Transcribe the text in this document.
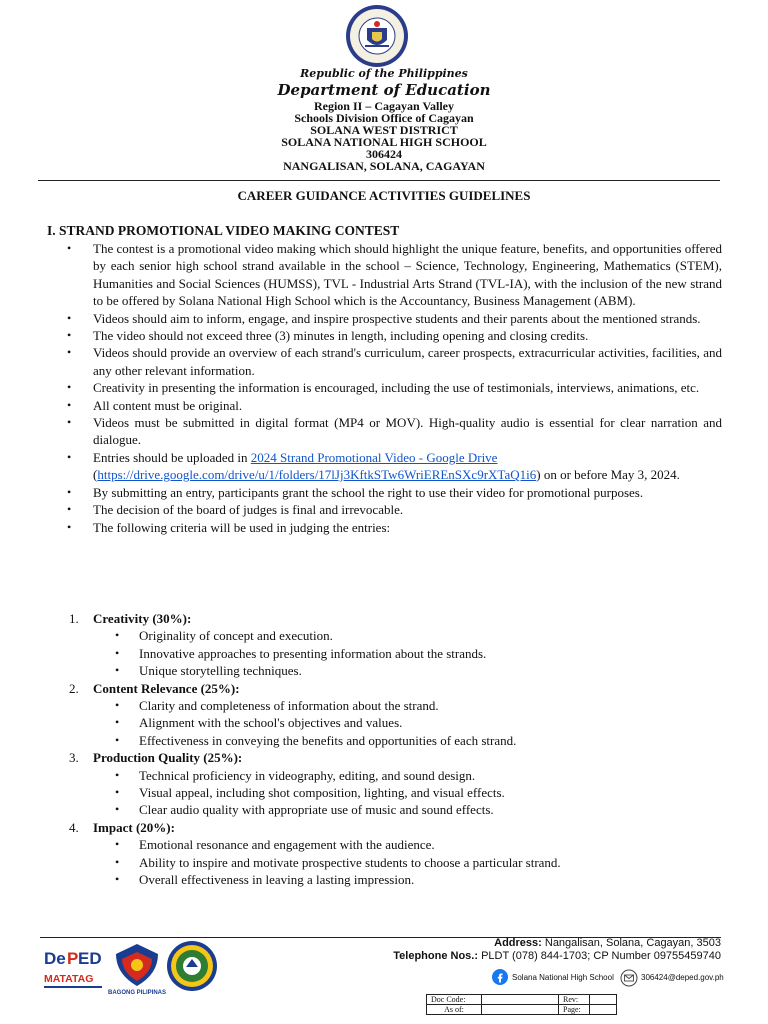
Republic of the Philippines
Department of Education
Region II – Cagayan Valley
Schools Division Office of Cagayan
SOLANA WEST DISTRICT
SOLANA NATIONAL HIGH SCHOOL
306424
NANGALISAN, SOLANA, CAGAYAN
CAREER GUIDANCE ACTIVITIES GUIDELINES
I. STRAND PROMOTIONAL VIDEO MAKING CONTEST
• The contest is a promotional video making which should highlight the unique feature, benefits, and opportunities offered by each senior high school strand available in the school – Science, Technology, Engineering, Mathematics (STEM), Humanities and Social Sciences (HUMSS), TVL - Industrial Arts Strand (TVL-IA), with the inclusion of the new strand to be offered by Solana National High School which is the Accountancy, Business Management (ABM).
• Videos should aim to inform, engage, and inspire prospective students and their parents about the mentioned strands.
• The video should not exceed three (3) minutes in length, including opening and closing credits.
• Videos should provide an overview of each strand's curriculum, career prospects, extracurricular activities, facilities, and any other relevant information.
• Creativity in presenting the information is encouraged, including the use of testimonials, interviews, animations, etc.
• All content must be original.
• Videos must be submitted in digital format (MP4 or MOV). High-quality audio is essential for clear narration and dialogue.
• Entries should be uploaded in 2024 Strand Promotional Video - Google Drive
(https://drive.google.com/drive/u/1/folders/17lJj3KftkSTw6WriEREnSXc9rXTaQ1i6) on or before May 3, 2024.
• By submitting an entry, participants grant the school the right to use their video for promotional purposes.
• The decision of the board of judges is final and irrevocable.
• The following criteria will be used in judging the entries:
1. Creativity (30%):
• Originality of concept and execution.
• Innovative approaches to presenting information about the strands.
• Unique storytelling techniques.
2. Content Relevance (25%):
• Clarity and completeness of information about the strand.
• Alignment with the school's objectives and values.
• Effectiveness in conveying the benefits and opportunities of each strand.
3. Production Quality (25%):
• Technical proficiency in videography, editing, and sound design.
• Visual appeal, including shot composition, lighting, and visual effects.
• Clear audio quality with appropriate use of music and sound effects.
4. Impact (20%):
• Emotional resonance and engagement with the audience.
• Ability to inspire and motivate prospective students to choose a particular strand.
• Overall effectiveness in leaving a lasting impression.
De P ED
MATATAG
BAGONG PILIPINAS
Address: Nangalisan, Solana, Cagayan, 3503
Telephone Nos.: PLDT (078) 844-1703; CP Number 09755459740
Solana National High School	306424@deped.gov.ph
Doc Code:		Rev:	
As of:		Page:	
